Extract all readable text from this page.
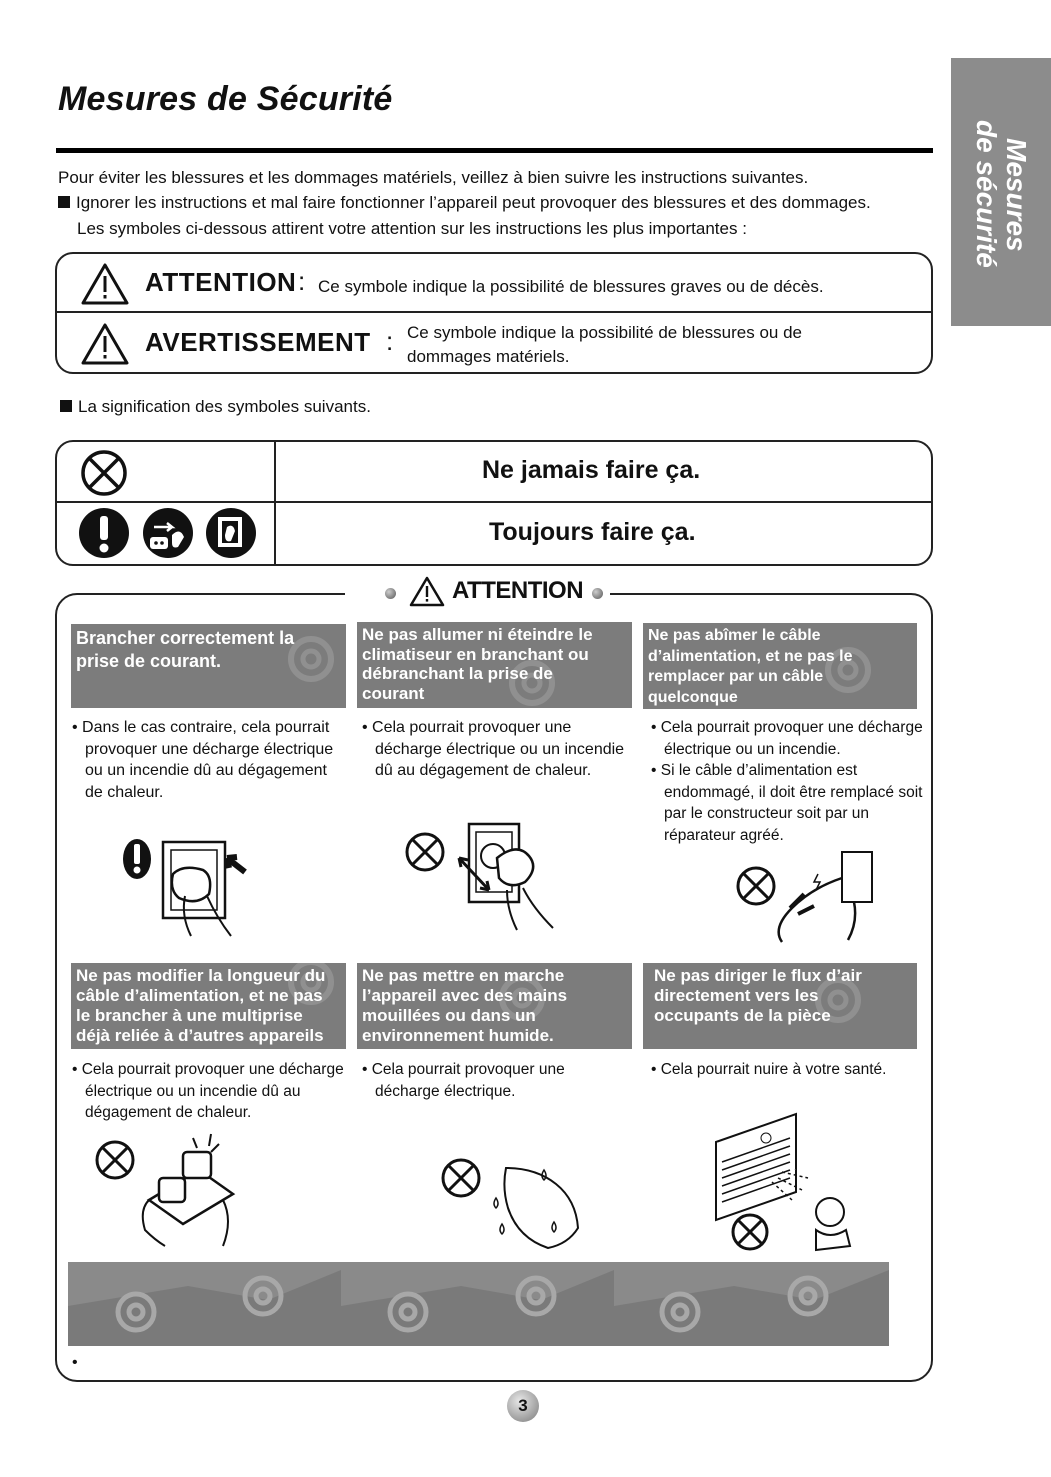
Mesures de Sécurité
Mesures
de sécurité
Pour éviter les blessures et les dommages matériels, veillez à bien suivre les instructions suivantes.
Ignorer les instructions et mal faire fonctionner l’appareil peut provoquer des blessures et des dommages.
Les symboles ci-dessous attirent votre attention sur les instructions les plus importantes :
ATTENTION : Ce symbole indique la possibilité de blessures graves ou de décès.
AVERTISSEMENT : Ce symbole indique la possibilité de blessures ou de
dommages matériels.
La signification des symboles suivants.
Ne jamais faire ça.
Toujours faire ça.
ATTENTION
Brancher correctement la
prise de courant.
• Dans le cas contraire, cela pourrait provoquer une décharge électrique ou un incendie dû au dégagement de chaleur.
Ne pas allumer ni éteindre le
climatiseur en branchant ou
débranchant la prise de
courant
• Cela pourrait provoquer une décharge électrique ou un incendie dû au dégagement de chaleur.
Ne pas abîmer le câble
d’alimentation, et ne pas le
remplacer par un câble
quelconque
• Cela pourrait provoquer une décharge électrique ou un incendie.
• Si le câble d’alimentation est endommagé, il doit être remplacé soit par le constructeur soit par un réparateur agréé.
Ne pas modifier la longueur du
câble d’alimentation, et ne pas
le brancher à une multiprise
déjà reliée à d’autres appareils
• Cela pourrait provoquer une décharge électrique ou un incendie dû au dégagement de chaleur.
Ne pas mettre en marche
l’appareil avec des mains
mouillées ou dans un
environnement humide.
• Cela pourrait provoquer une décharge électrique.
Ne pas diriger le flux d’air
directement vers les
occupants de la pièce
• Cela pourrait nuire à votre santé.
•
3
